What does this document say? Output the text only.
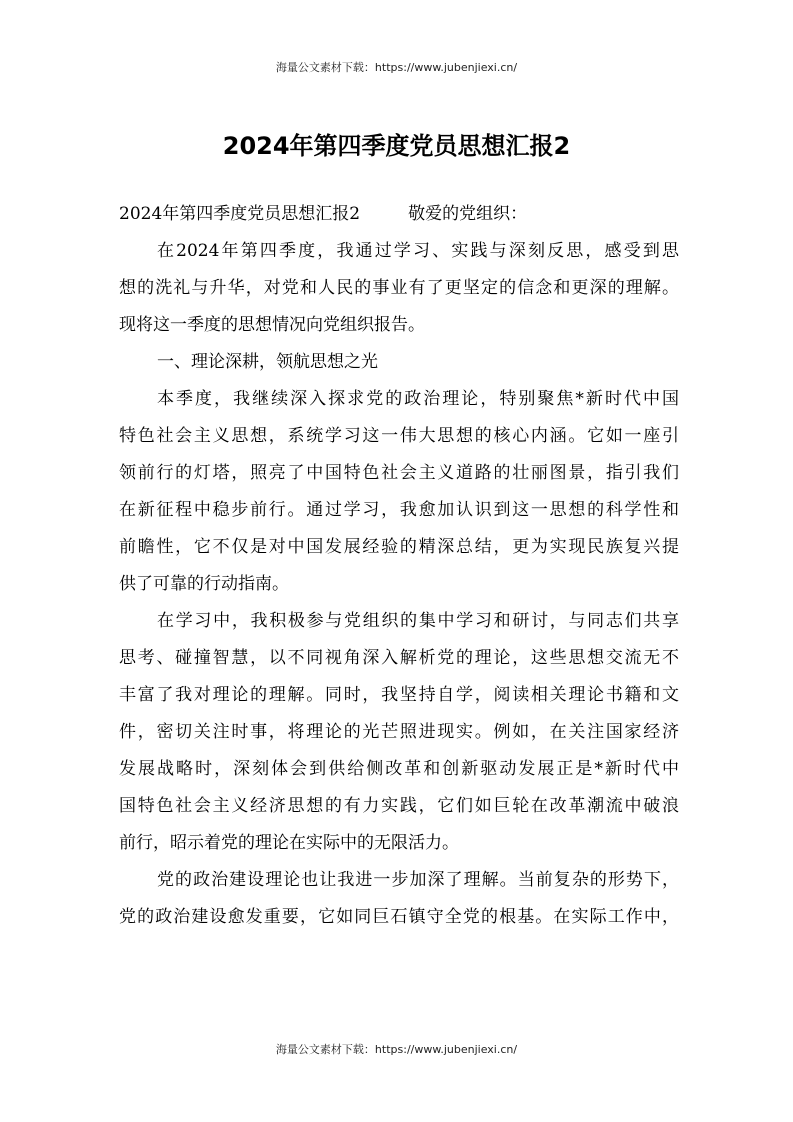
海量公文素材下载：https://www.jubenjiexi.cn/
2024年第四季度党员思想汇报2
2024年第四季度党员思想汇报2	敬爱的党组织：
在2024年第四季度，我通过学习、实践与深刻反思，感受到思
想的洗礼与升华，对党和人民的事业有了更坚定的信念和更深的理解。
现将这一季度的思想情况向党组织报告。
一、理论深耕，领航思想之光
本季度，我继续深入探求党的政治理论，特别聚焦*新时代中国
特色社会主义思想，系统学习这一伟大思想的核心内涵。它如一座引
领前行的灯塔，照亮了中国特色社会主义道路的壮丽图景，指引我们
在新征程中稳步前行。通过学习，我愈加认识到这一思想的科学性和
前瞻性，它不仅是对中国发展经验的精深总结，更为实现民族复兴提
供了可靠的行动指南。
在学习中，我积极参与党组织的集中学习和研讨，与同志们共享
思考、碰撞智慧，以不同视角深入解析党的理论，这些思想交流无不
丰富了我对理论的理解。同时，我坚持自学，阅读相关理论书籍和文
件，密切关注时事，将理论的光芒照进现实。例如，在关注国家经济
发展战略时，深刻体会到供给侧改革和创新驱动发展正是*新时代中
国特色社会主义经济思想的有力实践，它们如巨轮在改革潮流中破浪
前行，昭示着党的理论在实际中的无限活力。
党的政治建设理论也让我进一步加深了理解。当前复杂的形势下，
党的政治建设愈发重要，它如同巨石镇守全党的根基。在实际工作中，
海量公文素材下载：https://www.jubenjiexi.cn/
